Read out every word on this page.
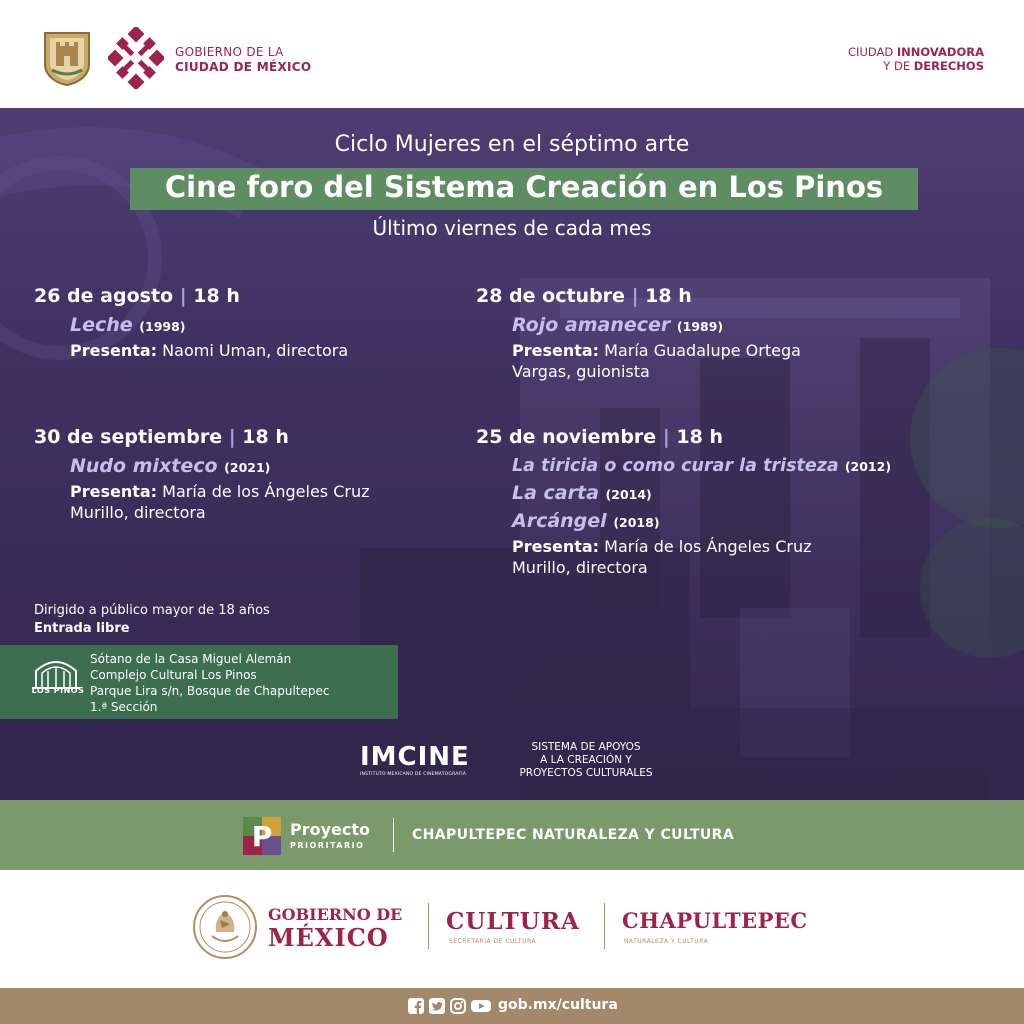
GOBIERNO DE LA
CIUDAD DE MÉXICO
CIUDAD INNOVADORA
Y DE DERECHOS
Ciclo Mujeres en el séptimo arte
Cine foro del Sistema Creación en Los Pinos
Último viernes de cada mes
26 de agosto | 18 h
Leche (1998)
Presenta: Naomi Uman, directora
28 de octubre | 18 h
Rojo amanecer (1989)
Presenta: María Guadalupe Ortega
Vargas, guionista
30 de septiembre | 18 h
Nudo mixteco (2021)
Presenta: María de los Ángeles Cruz
Murillo, directora
25 de noviembre | 18 h
La tiricia o como curar la tristeza (2012)
La carta (2014)
Arcángel (2018)
Presenta: María de los Ángeles Cruz
Murillo, directora
Dirigido a público mayor de 18 años
Entrada libre
LOS PINOS
Sótano de la Casa Miguel Alemán
Complejo Cultural Los Pinos
Parque Lira s/n, Bosque de Chapultepec
1.ª Sección
IMCINE
INSTITUTO MEXICANO DE CINEMATOGRAFÍA
SISTEMA DE APOYOS
A LA CREACIÓN Y
PROYECTOS CULTURALES
P Proyecto
PRIORITARIO
CHAPULTEPEC NATURALEZA Y CULTURA
GOBIERNO DE
MÉXICO
CULTURA
SECRETARÍA DE CULTURA
CHAPULTEPEC
NATURALEZA Y CULTURA
gob.mx/cultura
